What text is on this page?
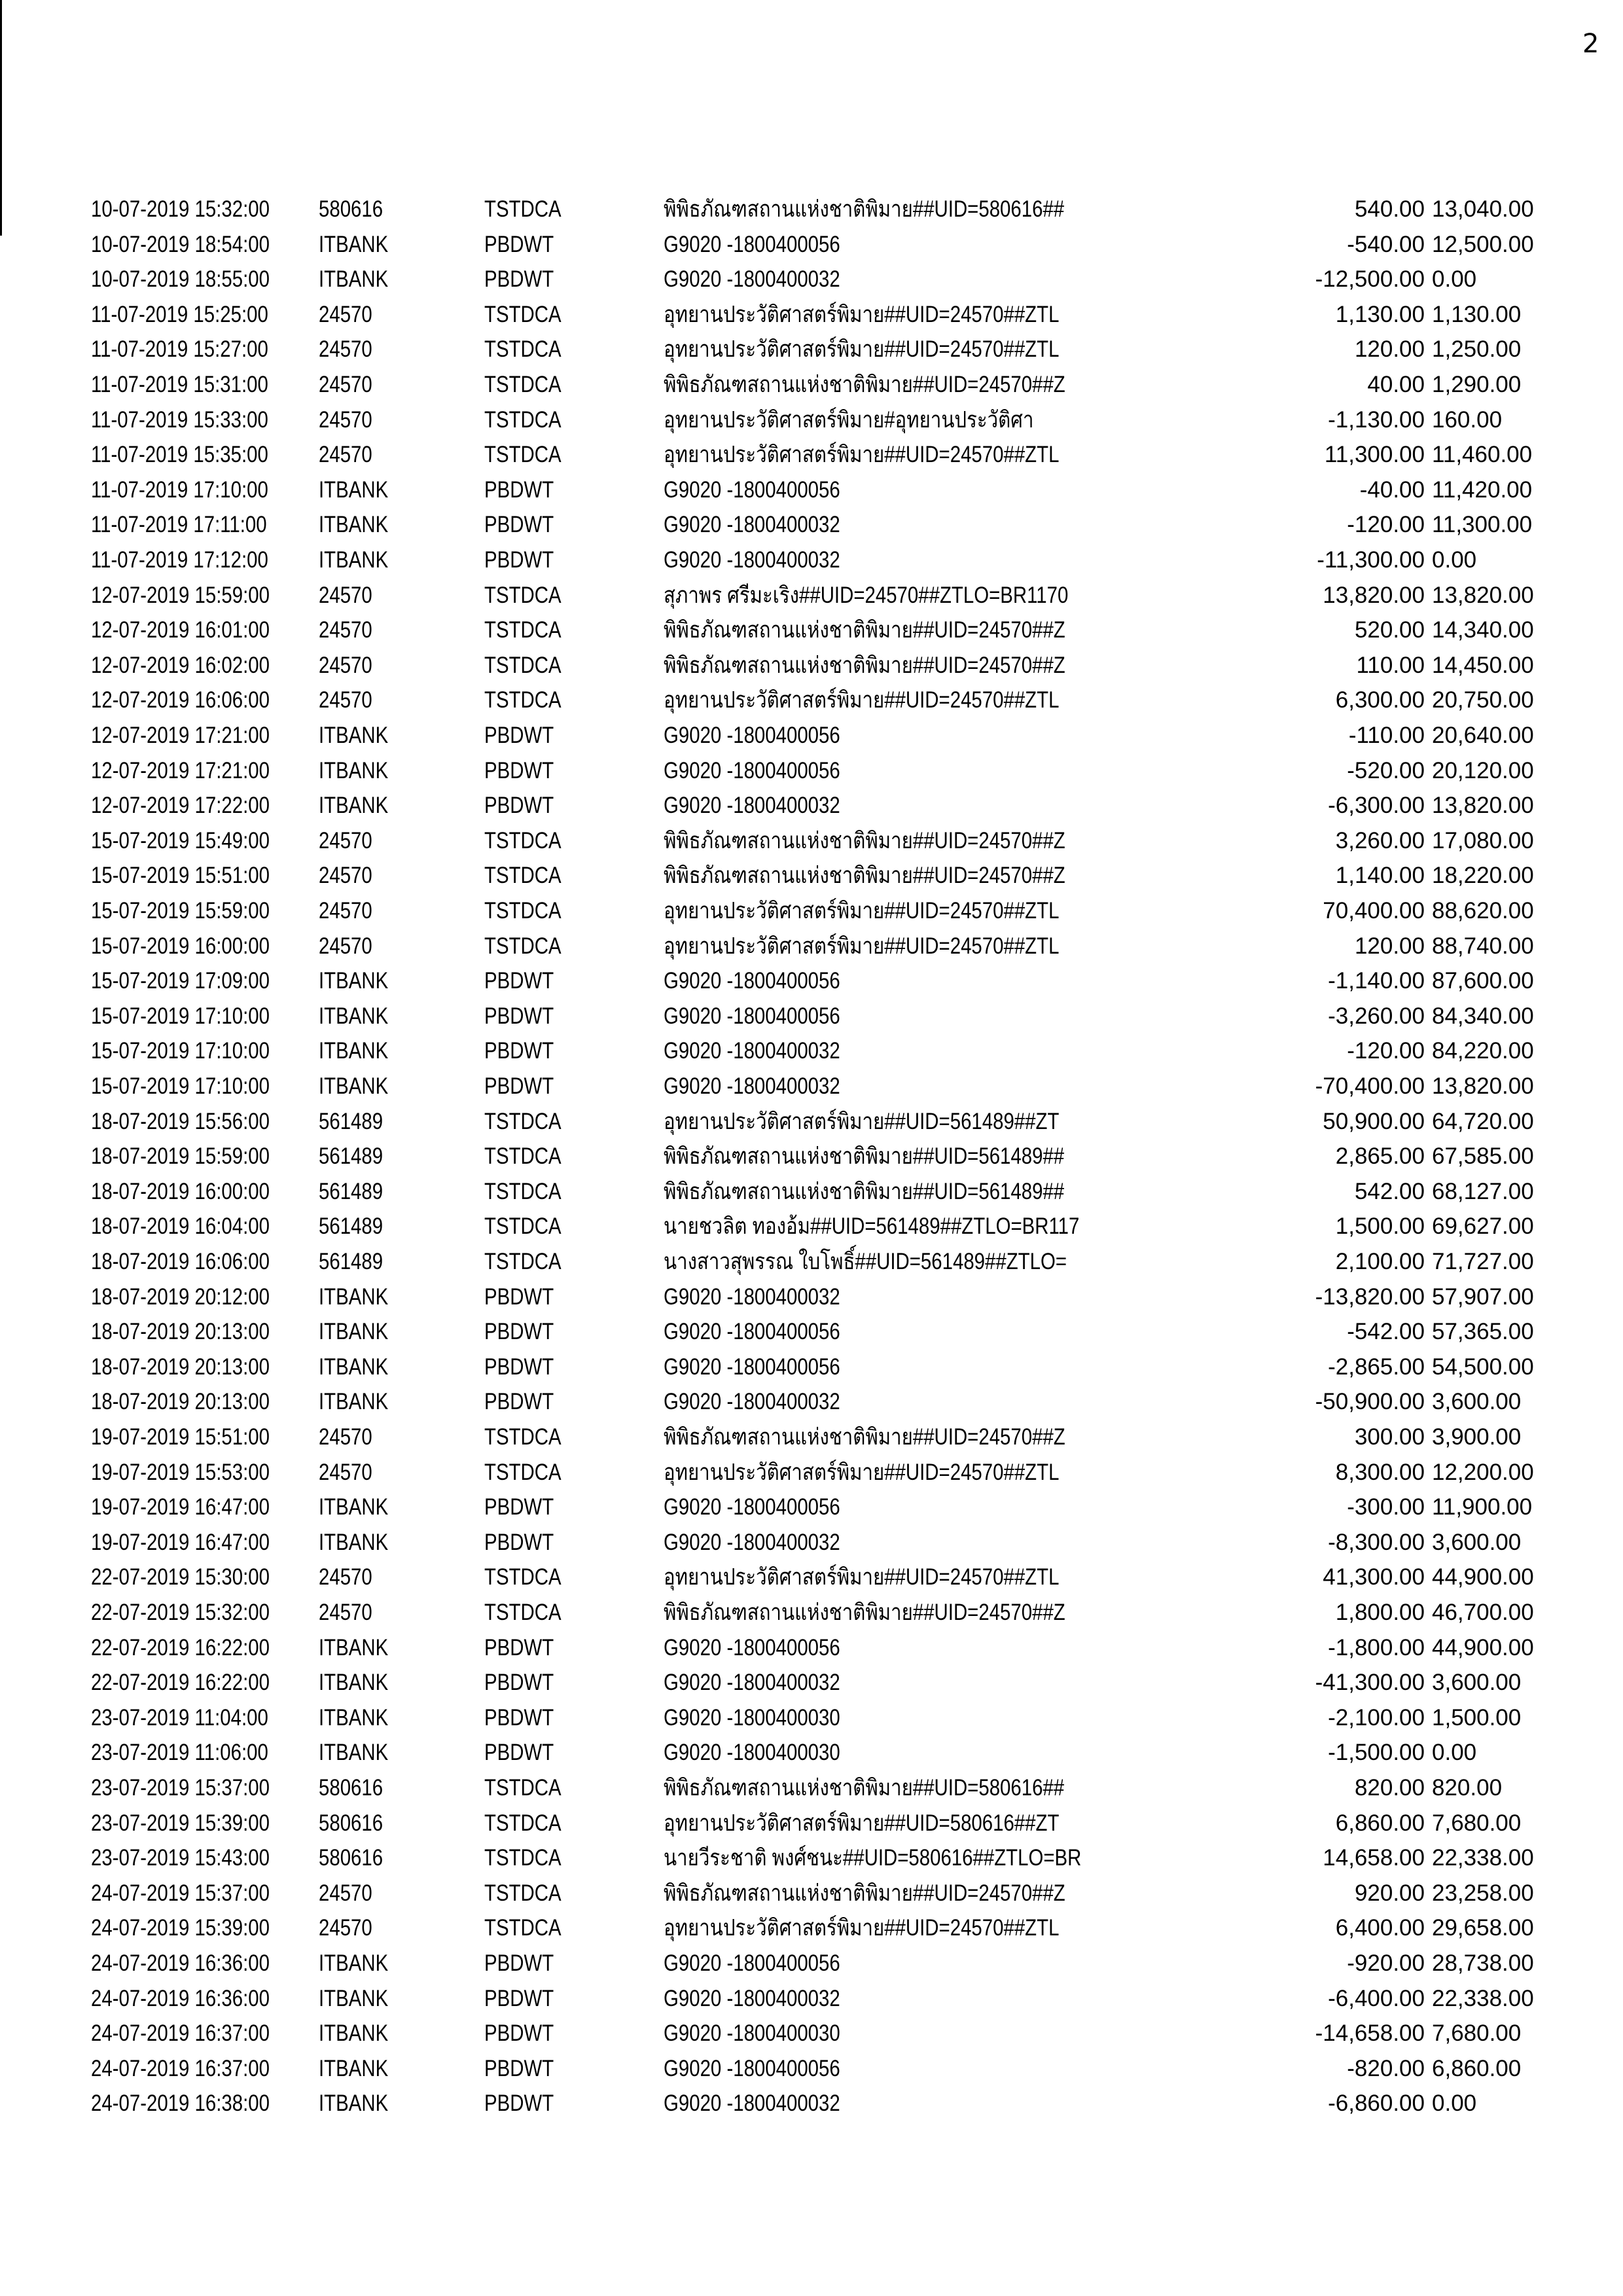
2
10-07-2019 15:32:00 580616	TSTDCA	พิพิธภัณฑสถานแห่งชาติพิมาย##UID=580616##	540.00 13,040.00
10-07-2019 18:54:00 ITBANK	PBDWT	G9020 -1800400056	-540.00 12,500.00
10-07-2019 18:55:00 ITBANK	PBDWT	G9020 -1800400032	-12,500.00 0.00
11-07-2019 15:25:00 24570	TSTDCA	อุทยานประวัติศาสตร์พิมาย##UID=24570##ZTL	1,130.00 1,130.00
11-07-2019 15:27:00 24570	TSTDCA	อุทยานประวัติศาสตร์พิมาย##UID=24570##ZTL	120.00 1,250.00
11-07-2019 15:31:00 24570	TSTDCA	พิพิธภัณฑสถานแห่งชาติพิมาย##UID=24570##Z	40.00 1,290.00
11-07-2019 15:33:00 24570	TSTDCA	อุทยานประวัติศาสตร์พิมาย#อุทยานประวัติศา	-1,130.00 160.00
11-07-2019 15:35:00 24570	TSTDCA	อุทยานประวัติศาสตร์พิมาย##UID=24570##ZTL	11,300.00 11,460.00
11-07-2019 17:10:00 ITBANK	PBDWT	G9020 -1800400056	-40.00 11,420.00
11-07-2019 17:11:00 ITBANK	PBDWT	G9020 -1800400032	-120.00 11,300.00
11-07-2019 17:12:00 ITBANK	PBDWT	G9020 -1800400032	-11,300.00 0.00
12-07-2019 15:59:00 24570	TSTDCA	สุภาพร ศรีมะเริง##UID=24570##ZTLO=BR1170	13,820.00 13,820.00
12-07-2019 16:01:00 24570	TSTDCA	พิพิธภัณฑสถานแห่งชาติพิมาย##UID=24570##Z	520.00 14,340.00
12-07-2019 16:02:00 24570	TSTDCA	พิพิธภัณฑสถานแห่งชาติพิมาย##UID=24570##Z	110.00 14,450.00
12-07-2019 16:06:00 24570	TSTDCA	อุทยานประวัติศาสตร์พิมาย##UID=24570##ZTL	6,300.00 20,750.00
12-07-2019 17:21:00 ITBANK	PBDWT	G9020 -1800400056	-110.00 20,640.00
12-07-2019 17:21:00 ITBANK	PBDWT	G9020 -1800400056	-520.00 20,120.00
12-07-2019 17:22:00 ITBANK	PBDWT	G9020 -1800400032	-6,300.00 13,820.00
15-07-2019 15:49:00 24570	TSTDCA	พิพิธภัณฑสถานแห่งชาติพิมาย##UID=24570##Z	3,260.00 17,080.00
15-07-2019 15:51:00 24570	TSTDCA	พิพิธภัณฑสถานแห่งชาติพิมาย##UID=24570##Z	1,140.00 18,220.00
15-07-2019 15:59:00 24570	TSTDCA	อุทยานประวัติศาสตร์พิมาย##UID=24570##ZTL	70,400.00 88,620.00
15-07-2019 16:00:00 24570	TSTDCA	อุทยานประวัติศาสตร์พิมาย##UID=24570##ZTL	120.00 88,740.00
15-07-2019 17:09:00 ITBANK	PBDWT	G9020 -1800400056	-1,140.00 87,600.00
15-07-2019 17:10:00 ITBANK	PBDWT	G9020 -1800400056	-3,260.00 84,340.00
15-07-2019 17:10:00 ITBANK	PBDWT	G9020 -1800400032	-120.00 84,220.00
15-07-2019 17:10:00 ITBANK	PBDWT	G9020 -1800400032	-70,400.00 13,820.00
18-07-2019 15:56:00 561489	TSTDCA	อุทยานประวัติศาสตร์พิมาย##UID=561489##ZT	50,900.00 64,720.00
18-07-2019 15:59:00 561489	TSTDCA	พิพิธภัณฑสถานแห่งชาติพิมาย##UID=561489##	2,865.00 67,585.00
18-07-2019 16:00:00 561489	TSTDCA	พิพิธภัณฑสถานแห่งชาติพิมาย##UID=561489##	542.00 68,127.00
18-07-2019 16:04:00 561489	TSTDCA	นายชวลิต ทองอ้ม##UID=561489##ZTLO=BR117	1,500.00 69,627.00
18-07-2019 16:06:00 561489	TSTDCA	นางสาวสุพรรณ ใบโพธิ์##UID=561489##ZTLO=	2,100.00 71,727.00
18-07-2019 20:12:00 ITBANK	PBDWT	G9020 -1800400032	-13,820.00 57,907.00
18-07-2019 20:13:00 ITBANK	PBDWT	G9020 -1800400056	-542.00 57,365.00
18-07-2019 20:13:00 ITBANK	PBDWT	G9020 -1800400056	-2,865.00 54,500.00
18-07-2019 20:13:00 ITBANK	PBDWT	G9020 -1800400032	-50,900.00 3,600.00
19-07-2019 15:51:00 24570	TSTDCA	พิพิธภัณฑสถานแห่งชาติพิมาย##UID=24570##Z	300.00 3,900.00
19-07-2019 15:53:00 24570	TSTDCA	อุทยานประวัติศาสตร์พิมาย##UID=24570##ZTL	8,300.00 12,200.00
19-07-2019 16:47:00 ITBANK	PBDWT	G9020 -1800400056	-300.00 11,900.00
19-07-2019 16:47:00 ITBANK	PBDWT	G9020 -1800400032	-8,300.00 3,600.00
22-07-2019 15:30:00 24570	TSTDCA	อุทยานประวัติศาสตร์พิมาย##UID=24570##ZTL	41,300.00 44,900.00
22-07-2019 15:32:00 24570	TSTDCA	พิพิธภัณฑสถานแห่งชาติพิมาย##UID=24570##Z	1,800.00 46,700.00
22-07-2019 16:22:00 ITBANK	PBDWT	G9020 -1800400056	-1,800.00 44,900.00
22-07-2019 16:22:00 ITBANK	PBDWT	G9020 -1800400032	-41,300.00 3,600.00
23-07-2019 11:04:00 ITBANK	PBDWT	G9020 -1800400030	-2,100.00 1,500.00
23-07-2019 11:06:00 ITBANK	PBDWT	G9020 -1800400030	-1,500.00 0.00
23-07-2019 15:37:00 580616	TSTDCA	พิพิธภัณฑสถานแห่งชาติพิมาย##UID=580616##	820.00 820.00
23-07-2019 15:39:00 580616	TSTDCA	อุทยานประวัติศาสตร์พิมาย##UID=580616##ZT	6,860.00 7,680.00
23-07-2019 15:43:00 580616	TSTDCA	นายวีระชาติ พงศ์ชนะ##UID=580616##ZTLO=BR	14,658.00 22,338.00
24-07-2019 15:37:00 24570	TSTDCA	พิพิธภัณฑสถานแห่งชาติพิมาย##UID=24570##Z	920.00 23,258.00
24-07-2019 15:39:00 24570	TSTDCA	อุทยานประวัติศาสตร์พิมาย##UID=24570##ZTL	6,400.00 29,658.00
24-07-2019 16:36:00 ITBANK	PBDWT	G9020 -1800400056	-920.00 28,738.00
24-07-2019 16:36:00 ITBANK	PBDWT	G9020 -1800400032	-6,400.00 22,338.00
24-07-2019 16:37:00 ITBANK	PBDWT	G9020 -1800400030	-14,658.00 7,680.00
24-07-2019 16:37:00 ITBANK	PBDWT	G9020 -1800400056	-820.00 6,860.00
24-07-2019 16:38:00 ITBANK	PBDWT	G9020 -1800400032	-6,860.00 0.00
